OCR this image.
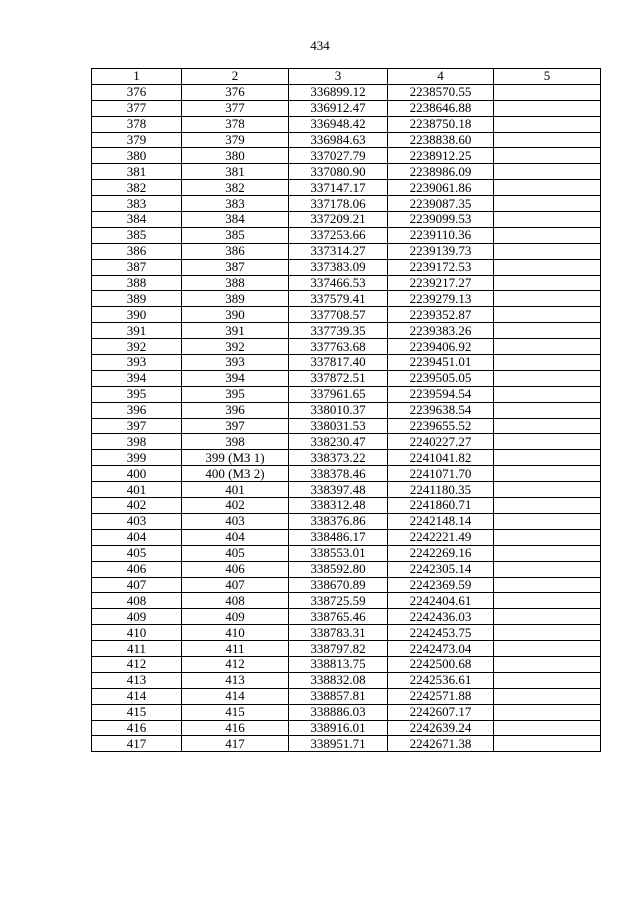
434
1	2	3	4	5
376	376	336899.12	2238570.55	
377	377	336912.47	2238646.88	
378	378	336948.42	2238750.18	
379	379	336984.63	2238838.60	
380	380	337027.79	2238912.25	
381	381	337080.90	2238986.09	
382	382	337147.17	2239061.86	
383	383	337178.06	2239087.35	
384	384	337209.21	2239099.53	
385	385	337253.66	2239110.36	
386	386	337314.27	2239139.73	
387	387	337383.09	2239172.53	
388	388	337466.53	2239217.27	
389	389	337579.41	2239279.13	
390	390	337708.57	2239352.87	
391	391	337739.35	2239383.26	
392	392	337763.68	2239406.92	
393	393	337817.40	2239451.01	
394	394	337872.51	2239505.05	
395	395	337961.65	2239594.54	
396	396	338010.37	2239638.54	
397	397	338031.53	2239655.52	
398	398	338230.47	2240227.27	
399	399 (МЗ 1)	338373.22	2241041.82	
400	400 (МЗ 2)	338378.46	2241071.70	
401	401	338397.48	2241180.35	
402	402	338312.48	2241860.71	
403	403	338376.86	2242148.14	
404	404	338486.17	2242221.49	
405	405	338553.01	2242269.16	
406	406	338592.80	2242305.14	
407	407	338670.89	2242369.59	
408	408	338725.59	2242404.61	
409	409	338765.46	2242436.03	
410	410	338783.31	2242453.75	
411	411	338797.82	2242473.04	
412	412	338813.75	2242500.68	
413	413	338832.08	2242536.61	
414	414	338857.81	2242571.88	
415	415	338886.03	2242607.17	
416	416	338916.01	2242639.24	
417	417	338951.71	2242671.38	
